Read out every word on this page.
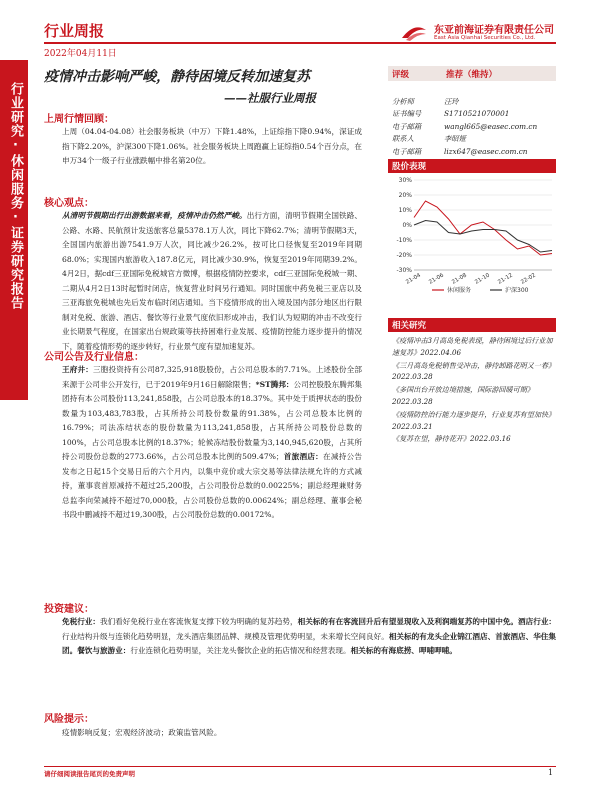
行业周报
2022年04月11日
东亚前海证券有限责任公司
East Asia Qianhai Securities Co., Ltd.
行业研究·休闲服务·证券研究报告
疫情冲击影响严峻，静待困境反转加速复苏
——社服行业周报
上周行情回顾：
上周（04.04-04.08）社会服务板块（中万）下降1.48%，上证综指下降0.94%，深证成指下降2.20%，沪深300下降1.06%。社会服务板块上周跑赢上证综指0.54个百分点，在申万34个一级子行业涨跌幅中排名第20位。
核心观点：
从清明节假期出行出游数据来看，疫情冲击仍然严峻。出行方面，清明节假期全国铁路、公路、水路、民航预计发送旅客总量5378.1万人次，同比下降62.7%；清明节假期3天，全国国内旅游出游7541.9万人次，同比减少26.2%，按可比口径恢复至2019年同期68.0%；实现国内旅游收入187.8亿元，同比减少30.9%，恢复至2019年同期39.2%。4月2日，据cdf三亚国际免税城官方微博，根据疫情防控要求，cdf三亚国际免税城一期、二期从4月2日13时起暂时闭店，恢复营业时间另行通知。同时国旅中药免税三亚店以及三亚海旅免税城也先后发布临时闭店通知。当下疫情形成的出入境及国内部分地区出行限制对免税、旅游、酒店、餐饮等行业景气度依旧形成冲击，我们认为短期的冲击不改变行业长期景气程度，在国家出台规政策等扶持困难行业发展、疫情防控能力逐步提升的情况下，随着疫情形势的逐步转好，行业景气度有望加速复苏。
公司公告及行业信息：
王府井：三胞投资持有公司87,325,918股股份，占公司总股本的7.71%。上述股份全部来源于公司非公开发行，已于2019年9月16日解除限售；*ST腾邦：公司控股股东腾邦集团持有本公司股份113,241,858股，占公司总股本的18.37%。其中处于质押状态的股份数量为103,483,783股，占其所持公司股份数量的91.38%，占公司总股本比例的16.79%；司法冻结状态的股份数量为113,241,858股，占其所持公司股份总数的100%，占公司总股本比例的18.37%；轮候冻结股份数量为3,140,945,620股，占其所持公司股份总数的2773.66%，占公司总股本比例的509.47%；首旅酒店：在减持公告发布之日起15个交易日后的六个月内，以集中竞价或大宗交易等法律法规允许的方式减持，董事袁首原减持不超过25,200股，占公司股份总数的0.00225%；副总经理兼财务总监李向荣减持不超过70,000股，占公司股份总数的0.00624%；副总经理、董事会秘书段中鹏减持不超过19,300股，占公司股份总数的0.00172%。
投资建议：
免税行业：我们看好免税行业在客流恢复支撑下较为明确的复苏趋势，相关标的有在客流回升后有望显现收入及利润端复苏的中国中免。酒店行业：行业结构升级与连锁化趋势明显，龙头酒店集团品牌、规模及管理优势明显，未来增长空间良好。相关标的有龙头企业锦江酒店、首旅酒店、华住集团。餐饮与旅游业：行业连锁化趋势明显，关注龙头餐饮企业的拓店情况和经营表现。相关标的有海底捞、呷哺呷哺。
风险提示：
疫情影响反复；宏观经济波动；政策监管风险。
评级	推荐（维持）
分析师	汪玲
证书编号	S1710521070001
电子邮箱	wangl665@easec.com.cn
联系人	李昭娅
电子邮箱	lizx647@easec.com.cn
股价表现
30%
20%
10%
0%
-10%
-20%
-30%
21-04 21-06 21-08 21-10 21-12 22-02
休闲服务	沪深300
相关研究
《疫情冲击3月高岛免税表现，静待困境过后行业加速复苏》2022.04.06
《三月高岛免税销售受冲击，静待卸路花明又一春》2022.03.28
《多国出台开放边境措施，国际游回暖可期》2022.03.28
《疫情防控治行能力逐步提升，行业复苏有望加快》2022.03.21
《复苏在望，静待花开》2022.03.16
请仔细阅读报告尾页的免责声明	1
